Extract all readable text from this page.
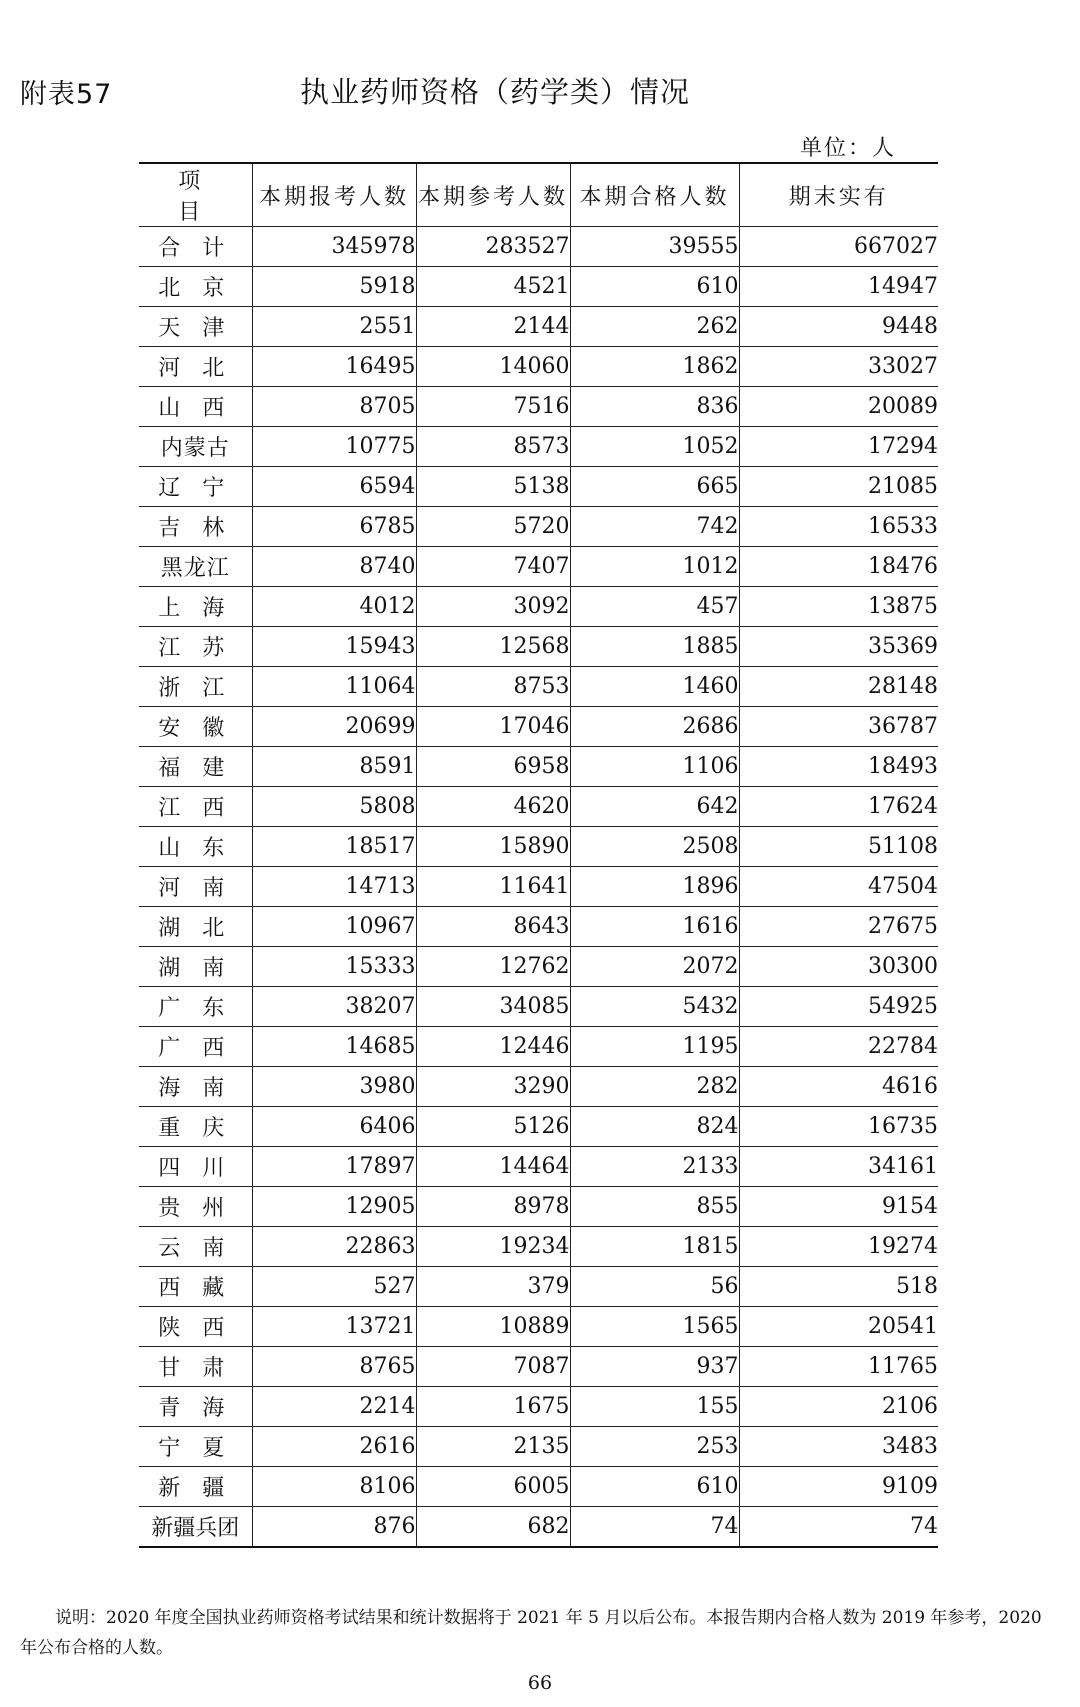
附表57	执业药师资格（药学类）情况
单位：人
项　目	本期报考人数	本期参考人数	本期合格人数	期末实有
合计	345978	283527	39555	667027
北京	5918	4521	610	14947
天津	2551	2144	262	9448
河北	16495	14060	1862	33027
山西	8705	7516	836	20089
内蒙古	10775	8573	1052	17294
辽宁	6594	5138	665	21085
吉林	6785	5720	742	16533
黑龙江	8740	7407	1012	18476
上海	4012	3092	457	13875
江苏	15943	12568	1885	35369
浙江	11064	8753	1460	28148
安徽	20699	17046	2686	36787
福建	8591	6958	1106	18493
江西	5808	4620	642	17624
山东	18517	15890	2508	51108
河南	14713	11641	1896	47504
湖北	10967	8643	1616	27675
湖南	15333	12762	2072	30300
广东	38207	34085	5432	54925
广西	14685	12446	1195	22784
海南	3980	3290	282	4616
重庆	6406	5126	824	16735
四川	17897	14464	2133	34161
贵州	12905	8978	855	9154
云南	22863	19234	1815	19274
西藏	527	379	56	518
陕西	13721	10889	1565	20541
甘肃	8765	7087	937	11765
青海	2214	1675	155	2106
宁夏	2616	2135	253	3483
新疆	8106	6005	610	9109
新疆兵团	876	682	74	74
说明：2020 年度全国执业药师资格考试结果和统计数据将于 2021 年 5 月以后公布。本报告期内合格人数为 2019 年参考，2020 年公布合格的人数。
66
